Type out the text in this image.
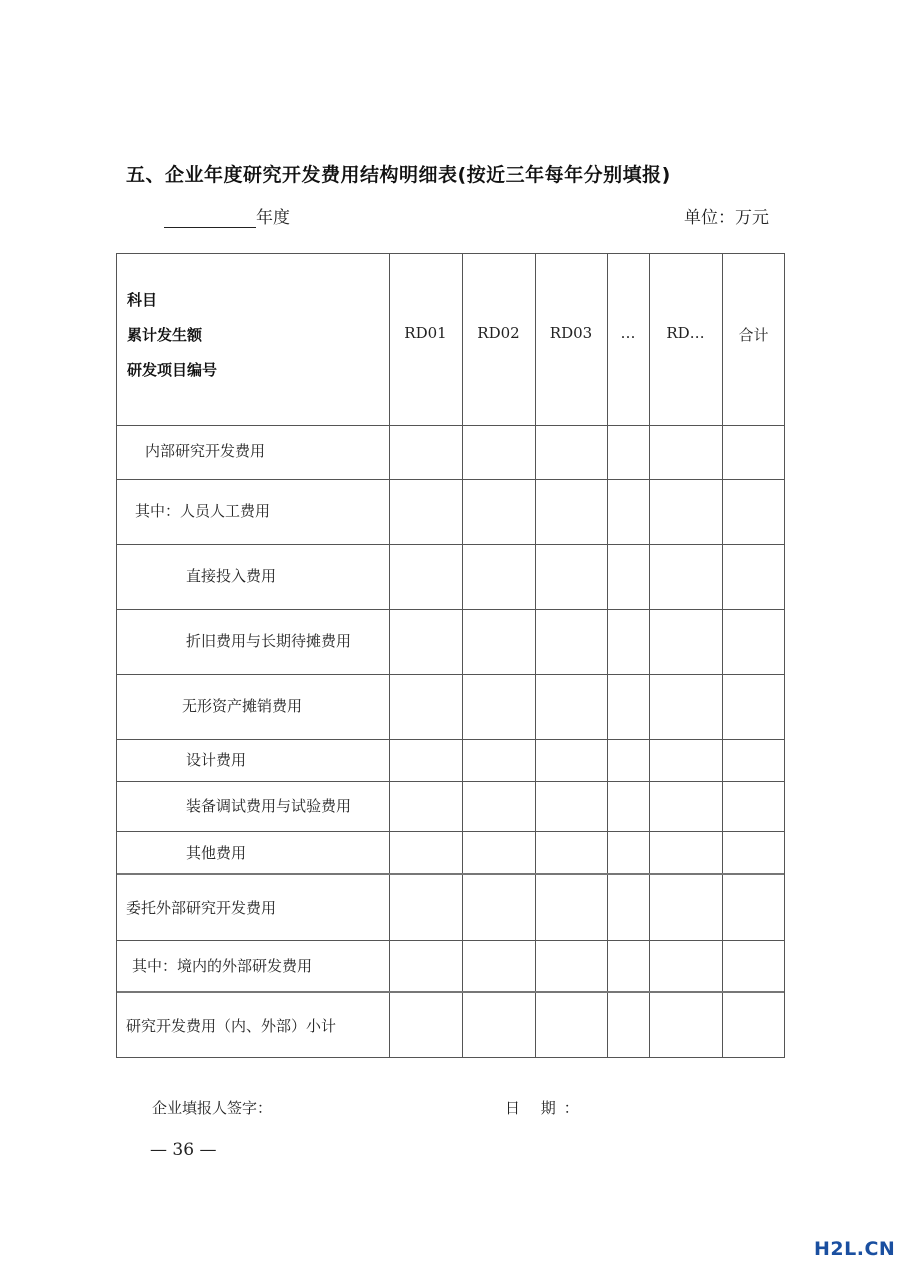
五、企业年度研究开发费用结构明细表(按近三年每年分别填报)
年度	单位：万元
科目
累计发生额
研发项目编号
RD01	RD02	RD03	…	RD…	合计
内部研究开发费用
其中：人员人工费用
直接投入费用
折旧费用与长期待摊费用
无形资产摊销费用
设计费用
装备调试费用与试验费用
其他费用
委托外部研究开发费用
其中：境内的外部研发费用
研究开发费用（内、外部）小计
企业填报人签字：	日 期：
— 36 —
H2L.CN
